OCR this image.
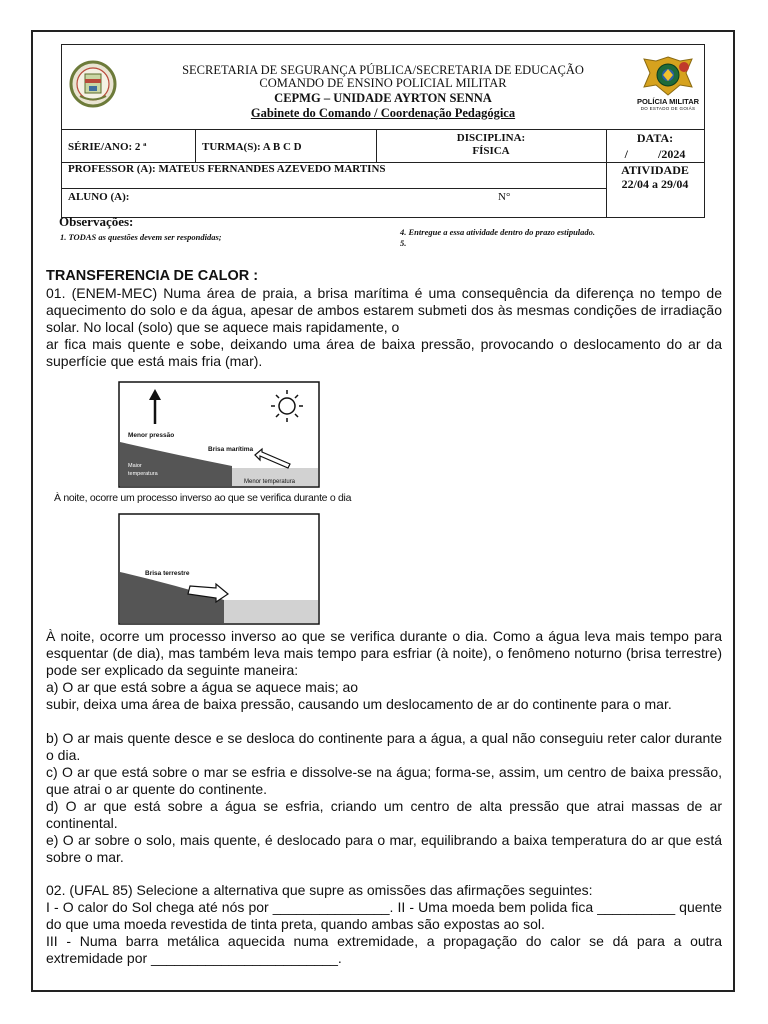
SECRETARIA DE SEGURANÇA PÚBLICA/SECRETARIA DE EDUCAÇÃO
COMANDO DE ENSINO POLICIAL MILITAR
CEPMG – UNIDADE AYRTON SENNA
Gabinete do Comando / Coordenação Pedagógica
POLÍCIA MILITAR
DO ESTADO DE GOIÁS
SÉRIE/ANO: 2 ª	TURMA(S): A B C D
DISCIPLINA:
FÍSICA
DATA:
/          /2024
PROFESSOR (A): MATEUS FERNANDES AZEVEDO MARTINS	ATIVIDADE
22/04 a 29/04
ALUNO (A):	N°
Observações:
1. TODAS as questões devem ser respondidas;	4. Entregue a essa atividade dentro do prazo estipulado.
5.
TRANSFERENCIA DE CALOR :
01. (ENEM-MEC) Numa área de praia, a brisa marítima é uma consequência da diferença no tempo de aquecimento do solo e da água, apesar de ambos estarem submeti dos às mesmas condições de irradiação solar. No local (solo) que se aquece mais rapidamente, o
ar fica mais quente e sobe, deixando uma área de baixa pressão, provocando o deslocamento do ar da superfície que está mais fria (mar).
Menor pressão
Brisa marítima
Maior
temperatura
Menor temperatura
Brisa terrestre
À noite, ocorre um processo inverso ao que se verifica durante o dia
À noite, ocorre um processo inverso ao que se verifica durante o dia. Como a água leva mais tempo para esquentar (de dia), mas também leva mais tempo para esfriar (à noite), o fenômeno noturno (brisa terrestre) pode ser explicado da seguinte maneira:
a) O ar que está sobre a água se aquece mais; ao
subir, deixa uma área de baixa pressão, causando um deslocamento de ar do continente para o mar.
b) O ar mais quente desce e se desloca do continente para a água, a qual não conseguiu reter calor durante o dia.
c) O ar que está sobre o mar se esfria e dissolve-se na água; forma-se, assim, um centro de baixa pressão, que atrai o ar quente do continente.
d) O ar que está sobre a água se esfria, criando um centro de alta pressão que atrai massas de ar continental.
e) O ar sobre o solo, mais quente, é deslocado para o mar, equilibrando a baixa temperatura do ar que está sobre o mar.
02. (UFAL 85) Selecione a alternativa que supre as omissões das afirmações seguintes:
I - O calor do Sol chega até nós por _______________. II - Uma moeda bem polida fica __________ quente do que uma moeda revestida de tinta preta, quando ambas são expostas ao sol.
III - Numa barra metálica aquecida numa extremidade, a propagação do calor se dá para a outra extremidade por ________________________.
